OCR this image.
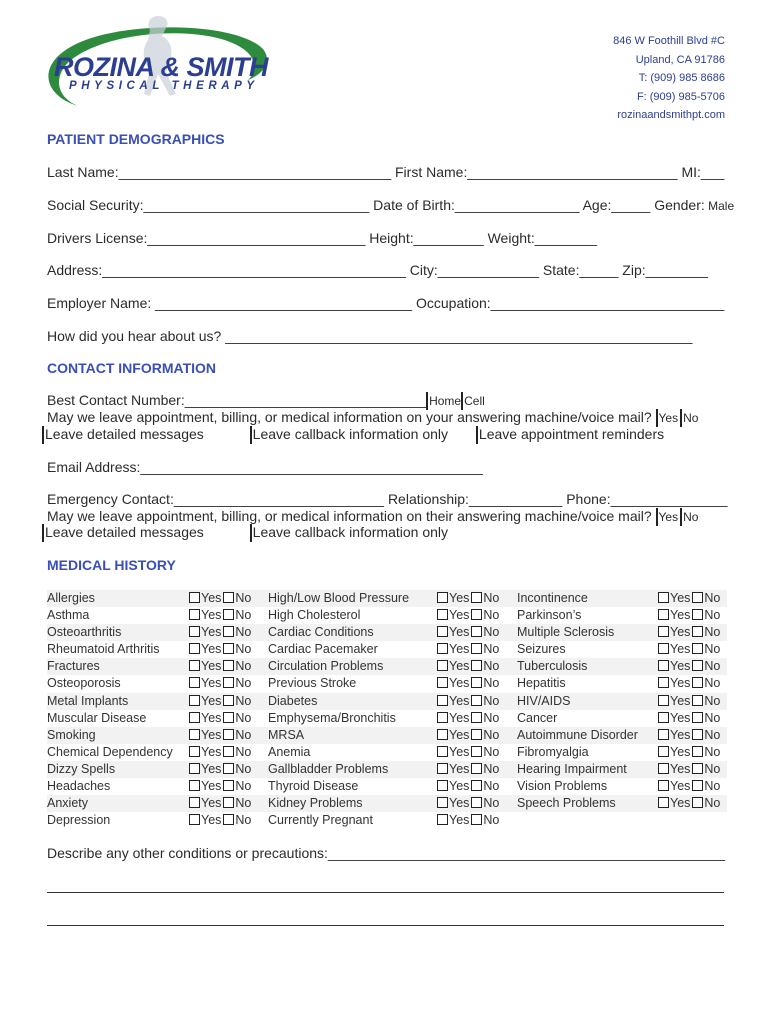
ROZINA & SMITH
PHYSICAL THERAPY
846 W Foothill Blvd #C
Upland, CA 91786
T: (909) 985 8686
F: (909) 985-5706
rozinaandsmithpt.com
PATIENT DEMOGRAPHICS
Last Name:___________________________________ First Name:___________________________ MI:___
Social Security:_____________________________ Date of Birth:________________ Age:_____ Gender: Male
Drivers License:____________________________ Height:_________ Weight:________
Address:_______________________________________ City:_____________ State:_____ Zip:________
Employer Name: _________________________________ Occupation:______________________________
How did you hear about us? ____________________________________________________________
CONTACT INFORMATION
Best Contact Number:_______________________________ Home Cell
May we leave appointment, billing, or medical information on your answering machine/voice mail? Yes No
Leave detailed messages	Leave callback information only Leave appointment reminders
Email Address:____________________________________________
Emergency Contact:___________________________ Relationship:____________ Phone:_______________
May we leave appointment, billing, or medical information on their answering machine/voice mail? Yes No
Leave detailed messages	Leave callback information only
MEDICAL HISTORY
Allergies	Yes No High/Low Blood Pressure	Yes No Incontinence	Yes No
Asthma	Yes No High Cholesterol	Yes No Parkinson’s	Yes No
Osteoarthritis	Yes No Cardiac Conditions	Yes No Multiple Sclerosis	Yes No
Rheumatoid Arthritis	Yes No Cardiac Pacemaker	Yes No Seizures	Yes No
Fractures	Yes No Circulation Problems	Yes No Tuberculosis	Yes No
Osteoporosis	Yes No Previous Stroke	Yes No Hepatitis	Yes No
Metal Implants	Yes No Diabetes	Yes No HIV/AIDS	Yes No
Muscular Disease	Yes No Emphysema/Bronchitis	Yes No Cancer	Yes No
Smoking	Yes No MRSA	Yes No Autoimmune Disorder	Yes No
Chemical Dependency	Yes No Anemia	Yes No Fibromyalgia	Yes No
Dizzy Spells	Yes No Gallbladder Problems	Yes No Hearing Impairment	Yes No
Headaches	Yes No Thyroid Disease	Yes No Vision Problems	Yes No
Anxiety	Yes No Kidney Problems	Yes No Speech Problems	Yes No
Depression	Yes No Currently Pregnant	Yes No
Describe any other conditions or precautions:___________________________________________________
